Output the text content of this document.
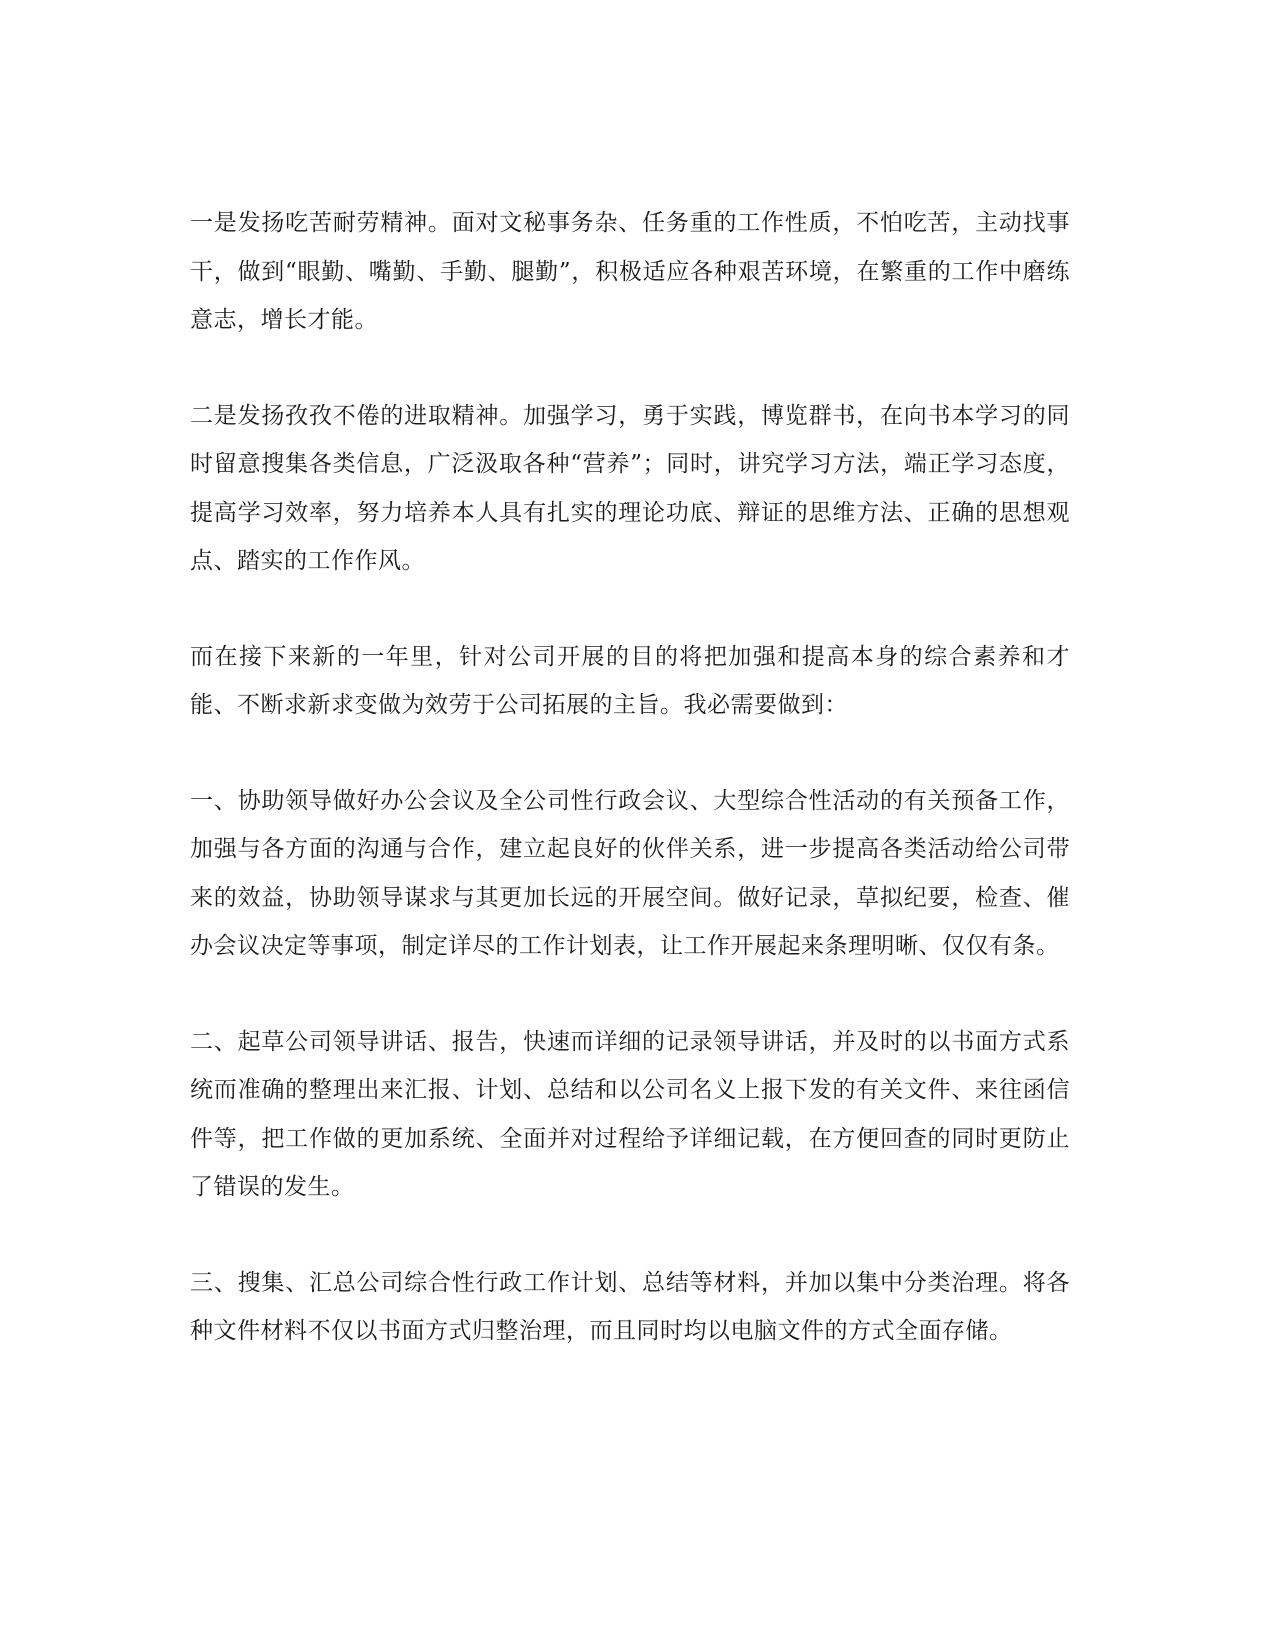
一是发扬吃苦耐劳精神。面对文秘事务杂、任务重的工作性质，不怕吃苦，主动找事干，做到“眼勤、嘴勤、手勤、腿勤”，积极适应各种艰苦环境，在繁重的工作中磨练意志，增长才能。

二是发扬孜孜不倦的进取精神。加强学习，勇于实践，博览群书，在向书本学习的同时留意搜集各类信息，广泛汲取各种“营养”；同时，讲究学习方法，端正学习态度，提高学习效率，努力培养本人具有扎实的理论功底、辩证的思维方法、正确的思想观点、踏实的工作作风。

而在接下来新的一年里，针对公司开展的目的将把加强和提高本身的综合素养和才能、不断求新求变做为效劳于公司拓展的主旨。我必需要做到：

一、协助领导做好办公会议及全公司性行政会议、大型综合性活动的有关预备工作，加强与各方面的沟通与合作，建立起良好的伙伴关系，进一步提高各类活动给公司带来的效益，协助领导谋求与其更加长远的开展空间。做好记录，草拟纪要，检查、催办会议决定等事项，制定详尽的工作计划表，让工作开展起来条理明晰、仅仅有条。

二、起草公司领导讲话、报告，快速而详细的记录领导讲话，并及时的以书面方式系统而准确的整理出来汇报、计划、总结和以公司名义上报下发的有关文件、来往函信件等，把工作做的更加系统、全面并对过程给予详细记载，在方便回查的同时更防止了错误的发生。

三、搜集、汇总公司综合性行政工作计划、总结等材料，并加以集中分类治理。将各种文件材料不仅以书面方式归整治理，而且同时均以电脑文件的方式全面存储。
